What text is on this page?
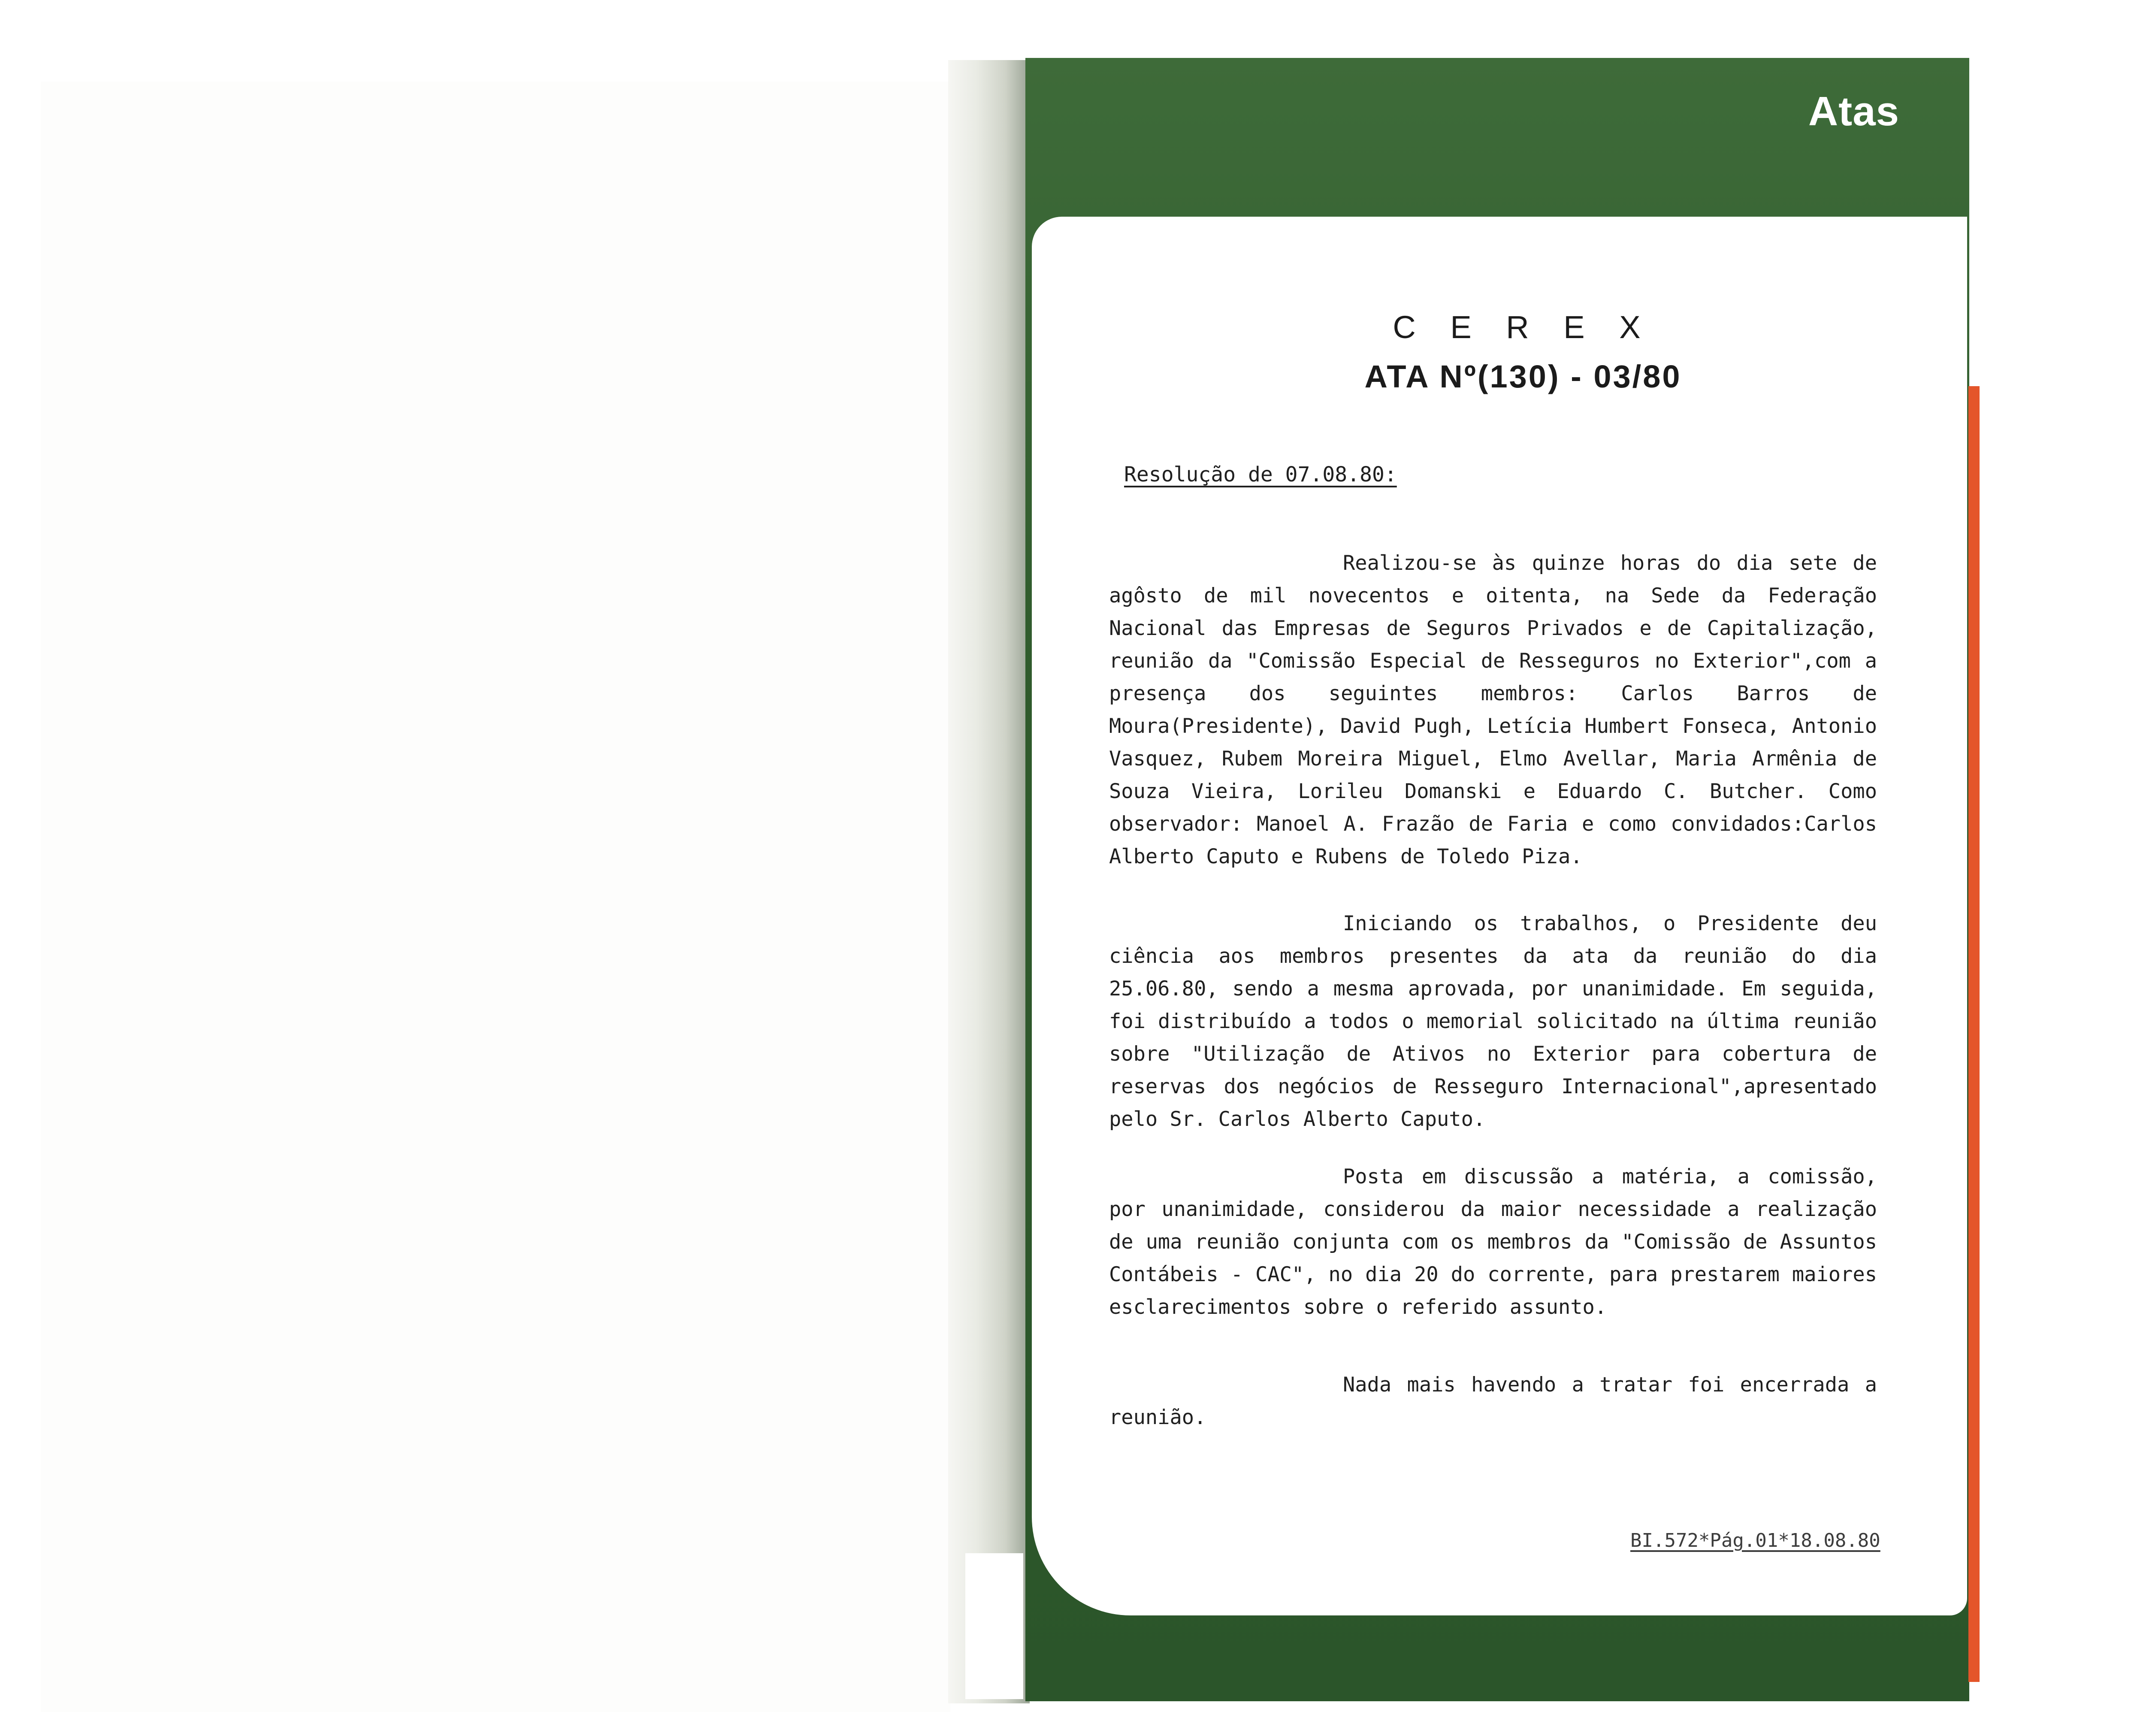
Atas
C E R E X
ATA Nº(130) - 03/80
Resolução de 07.08.80:

Realizou-se às quinze horas do dia sete de agôsto de mil novecentos e oitenta, na Sede da Federação Nacional das Empresas de Seguros Privados e de Capitalização, reunião da "Comissão Especial de Resseguros no Exterior",com a presença dos seguintes membros: Carlos Barros de Moura(Presidente), David Pugh, Letícia Humbert Fonseca, Antonio Vasquez, Rubem Moreira Miguel, Elmo Avellar, Maria Armênia de Souza Vieira, Lorileu Domanski e Eduardo C. Butcher. Como observador: Manoel A. Frazão de Faria e como convidados:Carlos Alberto Caputo e Rubens de Toledo Piza.

Iniciando os trabalhos, o Presidente deu ciência aos membros presentes da ata da reunião do dia 25.06.80, sendo a mesma aprovada, por unanimidade. Em seguida, foi distribuído a todos o memorial solicitado na última reunião sobre "Utilização de Ativos no Exterior para cobertura de reservas dos negócios de Resseguro Internacional",apresentado pelo Sr. Carlos Alberto Caputo.

Posta em discussão a matéria, a comissão, por unanimidade, considerou da maior necessidade a realização de uma reunião conjunta com os membros da "Comissão de Assuntos Contábeis - CAC", no dia 20 do corrente, para prestarem maiores esclarecimentos sobre o referido assunto.

Nada mais havendo a tratar foi encerrada a reunião.

BI.572*Pág.01*18.08.80
